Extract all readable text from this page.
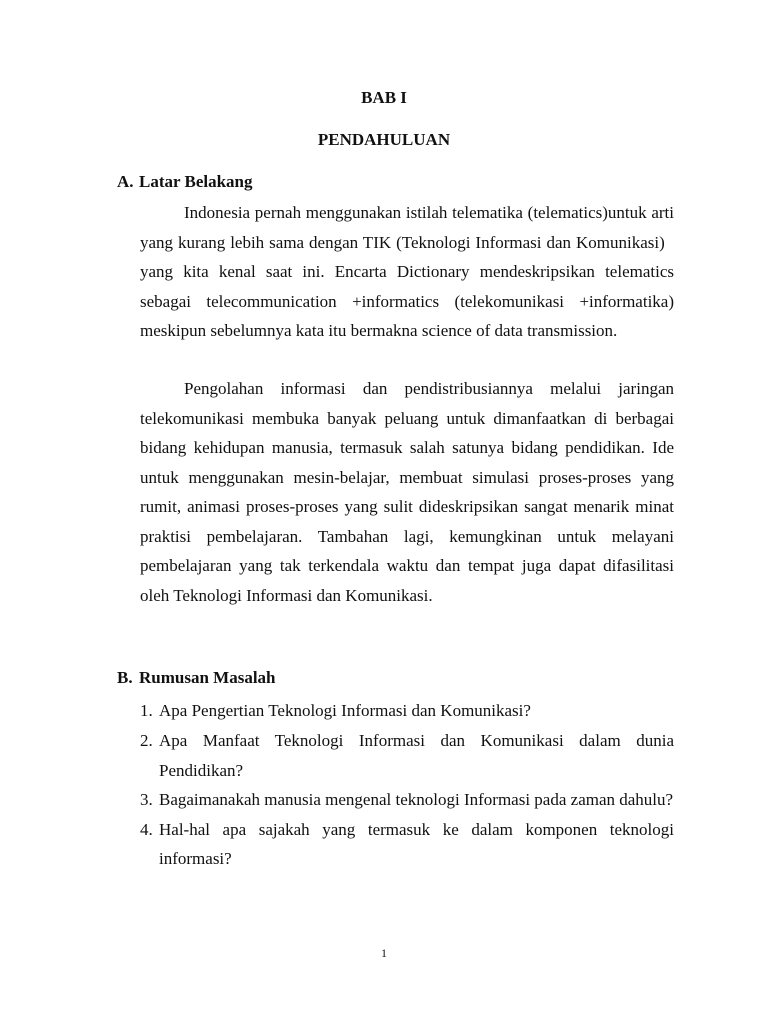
BAB I
PENDAHULUAN
A. Latar Belakang

Indonesia pernah menggunakan istilah telematika (telematics)untuk arti yang kurang lebih sama dengan TIK (Teknologi Informasi dan Komunikasi)   yang kita kenal saat ini. Encarta Dictionary mendeskripsikan telematics sebagai telecommunication +informatics (telekomunikasi +informatika) meskipun sebelumnya kata itu bermakna science of data transmission.

Pengolahan informasi dan pendistribusiannya melalui jaringan telekomunikasi membuka banyak peluang untuk dimanfaatkan di berbagai bidang kehidupan manusia, termasuk salah satunya bidang pendidikan. Ide untuk menggunakan mesin-belajar, membuat simulasi proses-proses yang rumit, animasi proses-proses yang sulit dideskripsikan sangat menarik minat praktisi pembelajaran. Tambahan lagi, kemungkinan untuk melayani pembelajaran yang tak terkendala waktu dan tempat juga dapat difasilitasi oleh Teknologi Informasi dan Komunikasi.

B. Rumusan Masalah
1. Apa Pengertian Teknologi Informasi dan Komunikasi?
2. Apa Manfaat Teknologi Informasi dan Komunikasi dalam dunia Pendidikan?
3. Bagaimanakah manusia mengenal teknologi Informasi pada zaman dahulu?
4. Hal-hal apa sajakah yang termasuk ke dalam komponen teknologi informasi?
1
